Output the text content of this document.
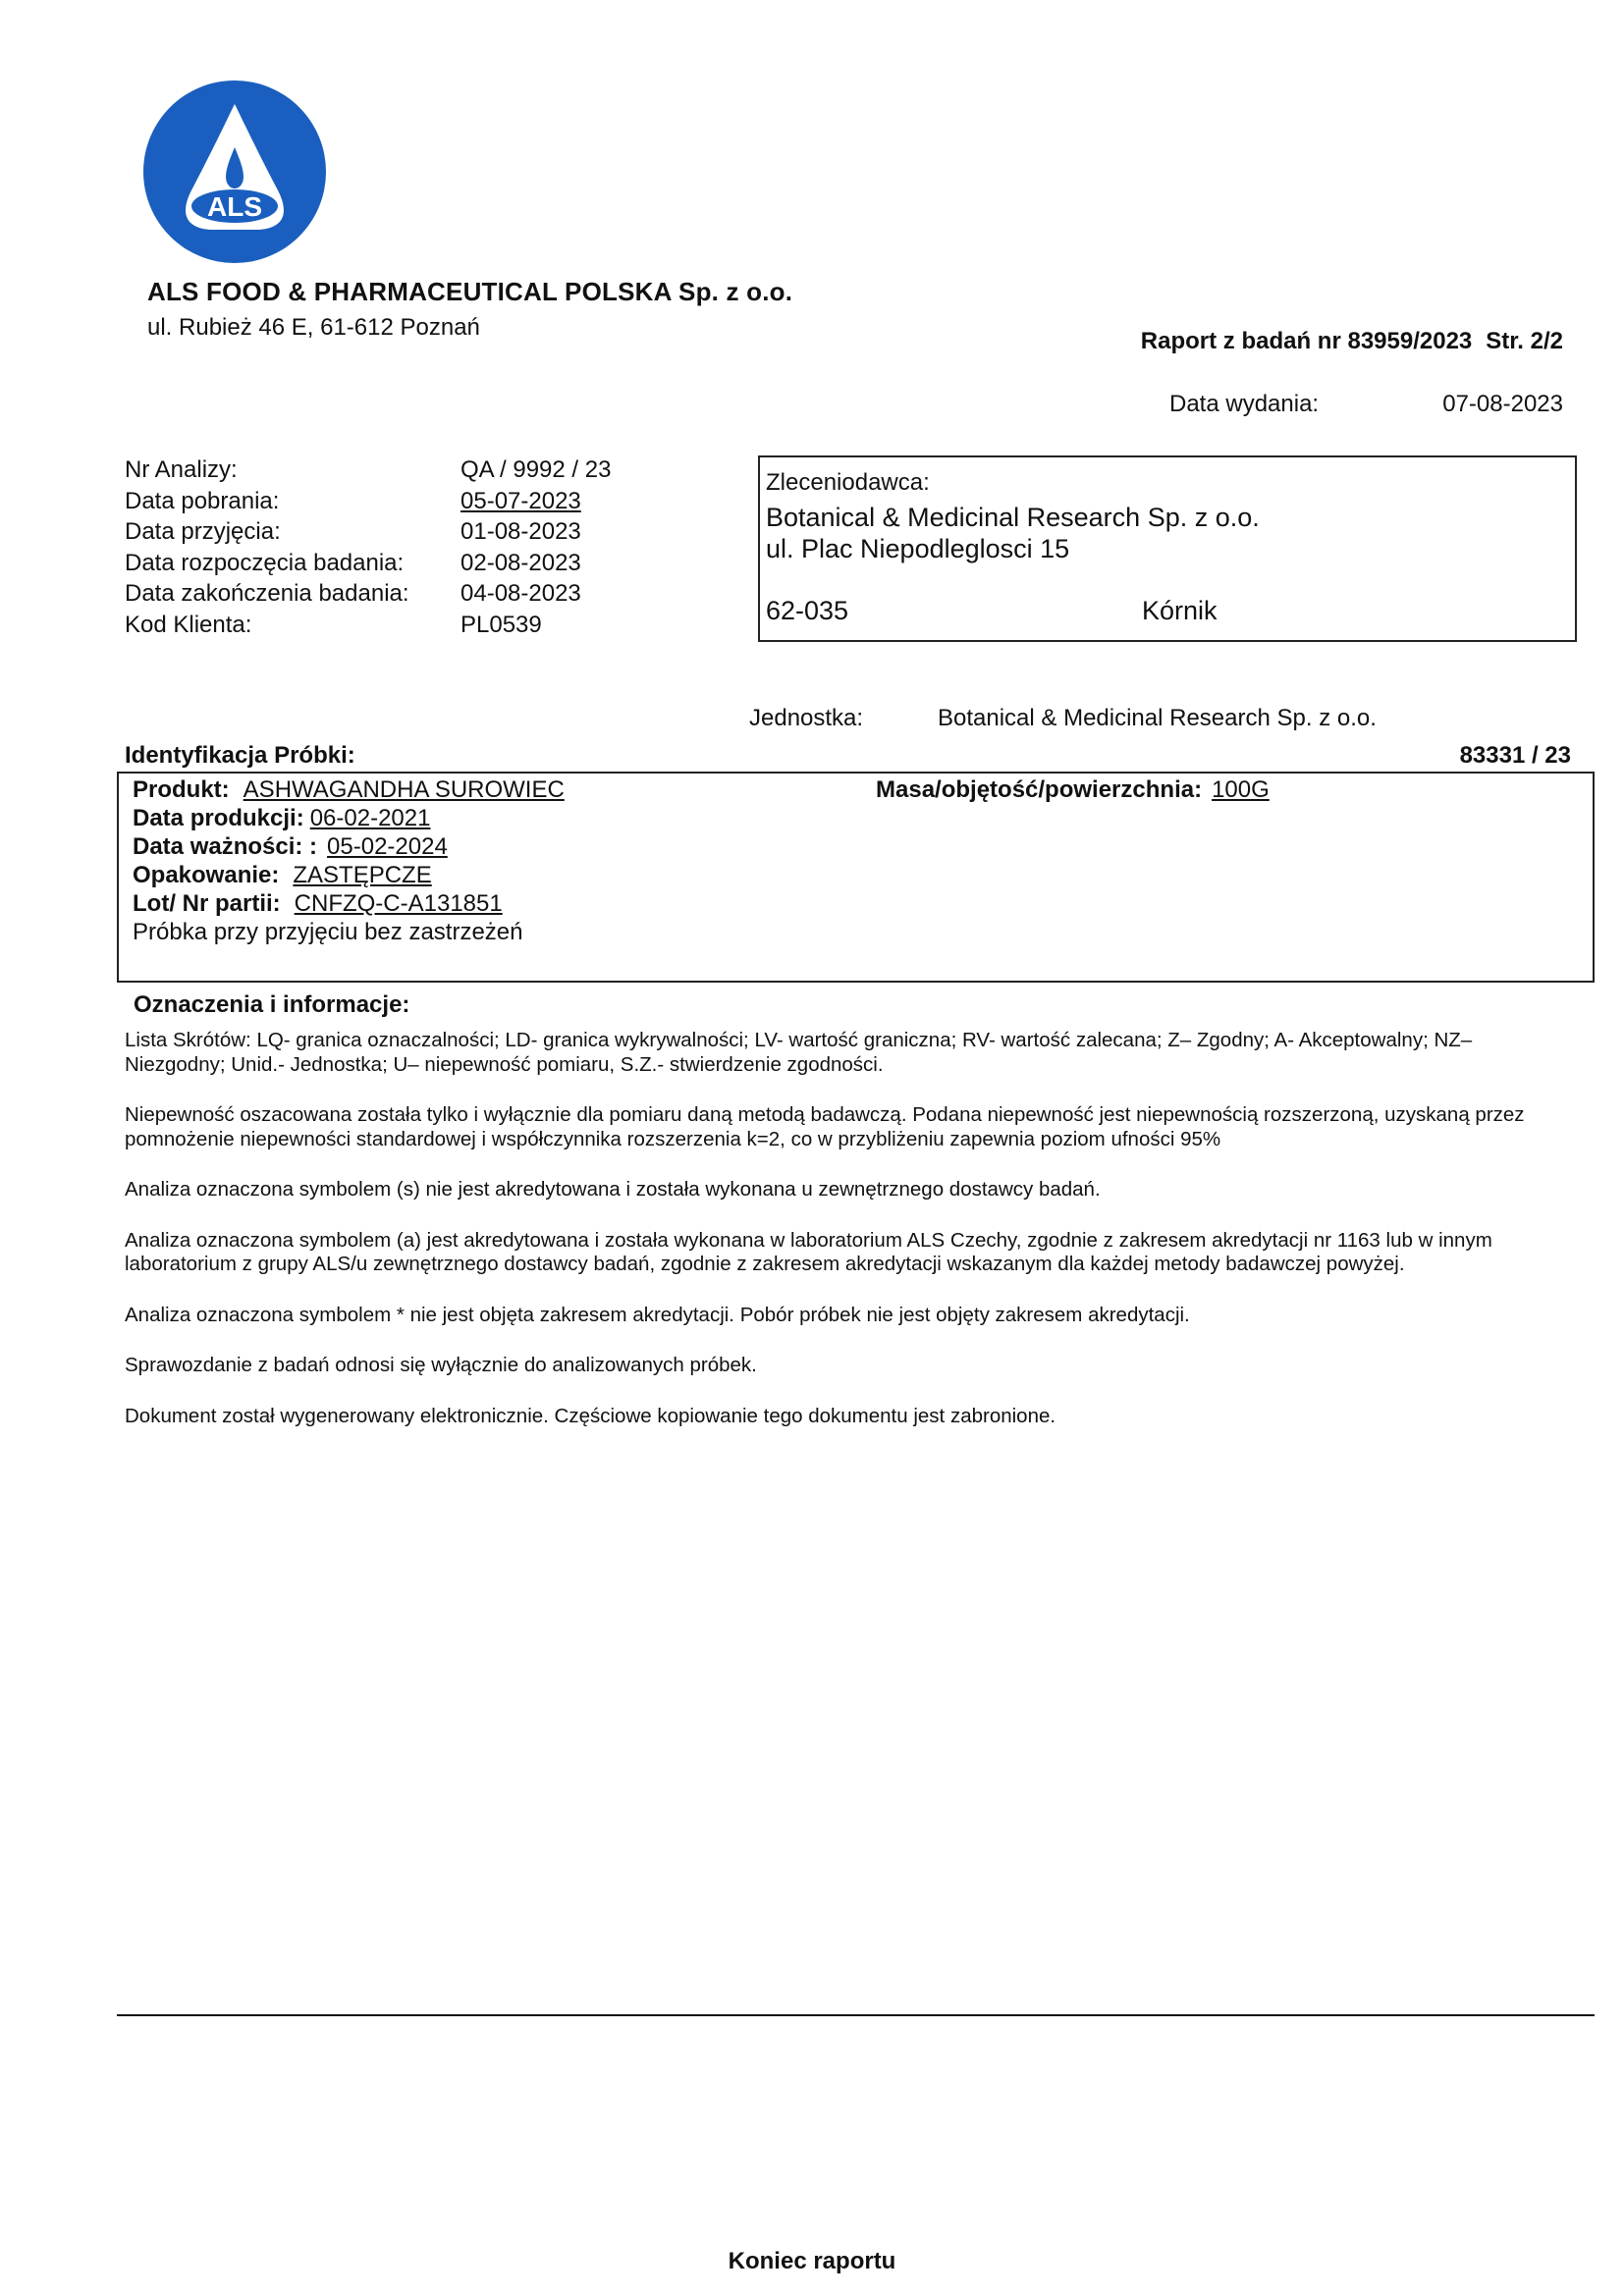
ALS
ALS FOOD & PHARMACEUTICAL POLSKA Sp. z o.o.
ul. Rubież 46 E, 61-612 Poznań
Raport z badań nr 83959/2023 Str. 2/2
Data wydania:	07-08-2023
Nr Analizy:	QA / 9992 / 23
Data pobrania:	05-07-2023
Data przyjęcia:	01-08-2023
Data rozpoczęcia badania:	02-08-2023
Data zakończenia badania:	04-08-2023
Kod Klienta:	PL0539
Zleceniodawca:
Botanical & Medicinal Research Sp. z o.o.
ul. Plac Niepodleglosci 15
62-035	Kórnik
Jednostka:	Botanical & Medicinal Research Sp. z o.o.
Identyfikacja Próbki:	83331 / 23
Produkt: ASHWAGANDHA SUROWIEC
Data produkcji: 06-02-2021
Data ważności: : 05-02-2024
Opakowanie: ZASTĘPCZE
Lot/ Nr partii: CNFZQ-C-A131851
Próbka przy przyjęciu bez zastrzeżeń
Masa/objętość/powierzchnia: 100G
Oznaczenia i informacje:

Lista Skrótów: LQ- granica oznaczalności; LD- granica wykrywalności; LV- wartość graniczna; RV- wartość zalecana; Z– Zgodny; A- Akceptowalny; NZ– Niezgodny; Unid.- Jednostka; U– niepewność pomiaru, S.Z.- stwierdzenie zgodności.

Niepewność oszacowana została tylko i wyłącznie dla pomiaru daną metodą badawczą. Podana niepewność jest niepewnością rozszerzoną, uzyskaną przez pomnożenie niepewności standardowej i współczynnika rozszerzenia k=2, co w przybliżeniu zapewnia poziom ufności 95%

Analiza oznaczona symbolem (s) nie jest akredytowana i została wykonana u zewnętrznego dostawcy badań.

Analiza oznaczona symbolem (a) jest akredytowana i została wykonana w laboratorium ALS Czechy, zgodnie z zakresem akredytacji nr 1163 lub w innym laboratorium z grupy ALS/u zewnętrznego dostawcy badań, zgodnie z zakresem akredytacji wskazanym dla każdej metody badawczej powyżej.

Analiza oznaczona symbolem * nie jest objęta zakresem akredytacji. Pobór próbek nie jest objęty zakresem akredytacji.

Sprawozdanie z badań odnosi się wyłącznie do analizowanych próbek.

Dokument został wygenerowany elektronicznie. Częściowe kopiowanie tego dokumentu jest zabronione.

Koniec raportu
